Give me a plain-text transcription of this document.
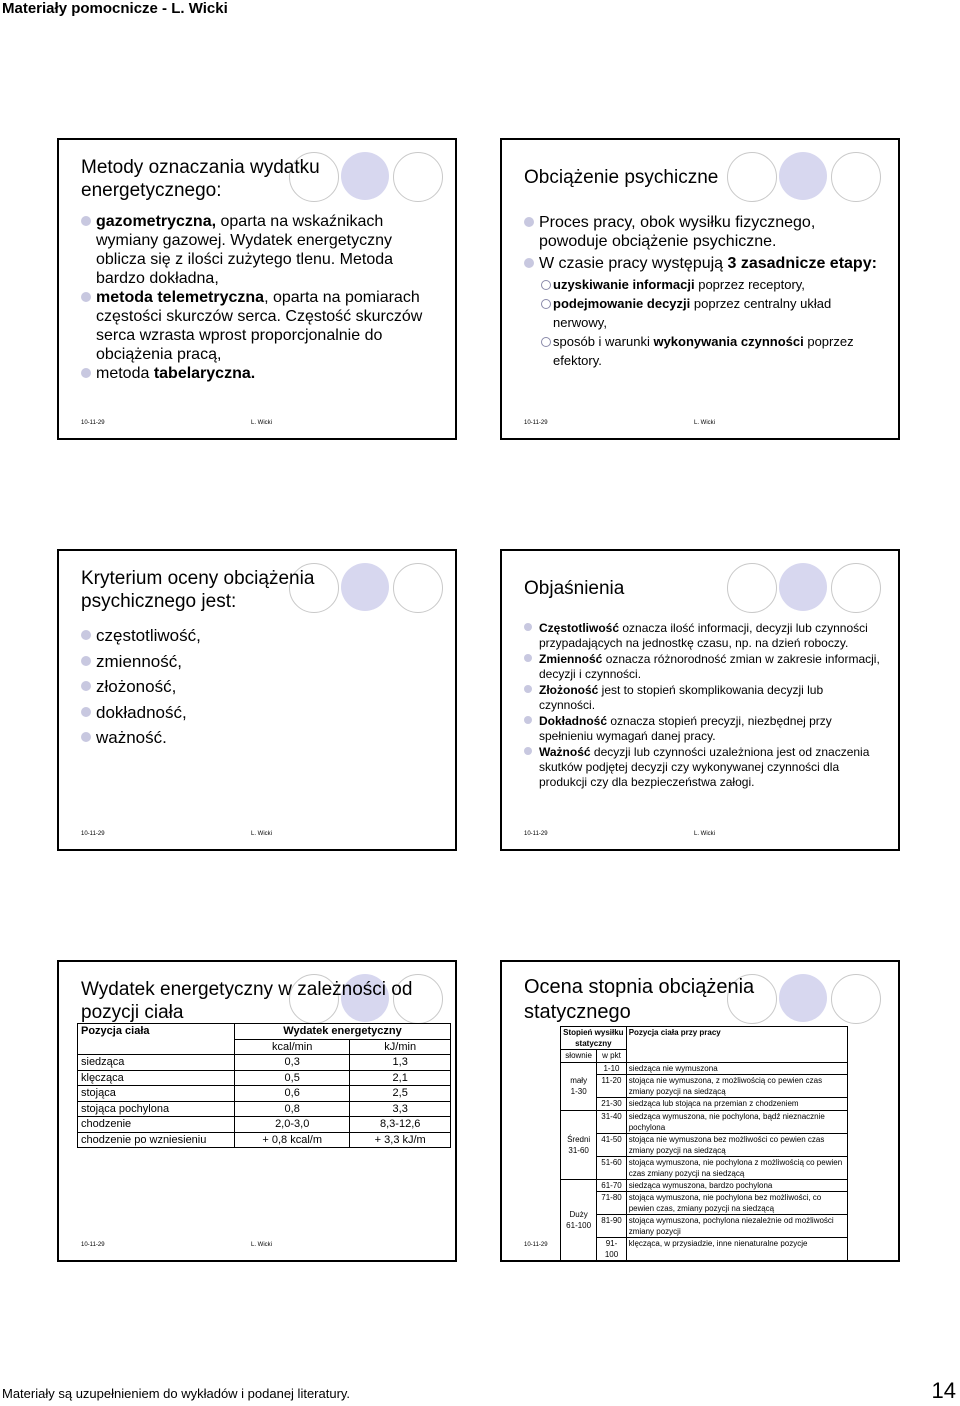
Materiały pomocnicze - L. Wicki
Metody oznaczania wydatku
energetycznego:
gazometryczna, oparta na wskaźnikach wymiany gazowej. Wydatek energetyczny oblicza się z ilości zużytego tlenu. Metoda bardzo dokładna,
metoda telemetryczna, oparta na pomiarach częstości skurczów serca. Częstość skurczów serca wzrasta wprost proporcjonalnie do obciążenia pracą,
metoda tabelaryczna.
10-11-29	L. Wicki
Obciążenie psychiczne
Proces pracy, obok wysiłku fizycznego, powoduje obciążenie psychiczne.
W czasie pracy występują 3 zasadnicze etapy:
uzyskiwanie informacji poprzez receptory,
podejmowanie decyzji poprzez centralny układ nerwowy,
sposób i warunki wykonywania czynności poprzez efektory.
10-11-29	L. Wicki
Kryterium oceny obciążenia
psychicznego jest:
częstotliwość,
zmienność,
złożoność,
dokładność,
ważność.
10-11-29	L. Wicki
Objaśnienia
Częstotliwość oznacza ilość informacji, decyzji lub czynności przypadających na jednostkę czasu, np. na dzień roboczy.
Zmienność oznacza różnorodność zmian w zakresie informacji, decyzji i czynności.
Złożoność jest to stopień skomplikowania decyzji lub czynności.
Dokładność oznacza stopień precyzji, niezbędnej przy spełnieniu wymagań danej pracy.
Ważność decyzji lub czynności uzależniona jest od znaczenia skutków podjętej decyzji czy wykonywanej czynności dla produkcji czy dla bezpieczeństwa załogi.
10-11-29	L. Wicki
Wydatek energetyczny w zależności od
pozycji ciała
Pozycja ciała	Wydatek energetyczny	
	kcal/min	kJ/min
siedząca	0,3	1,3
klęcząca	0,5	2,1
stojąca	0,6	2,5
stojąca pochylona	0,8	3,3
chodzenie	2,0-3,0	8,3-12,6
chodzenie po wzniesieniu	+ 0,8 kcal/m	+ 3,3 kJ/m
10-11-29	L. Wicki
Ocena stopnia obciążenia
statycznego
Stopień wysiłku
statyczny		Pozycja ciała przy pracy
słownie	w pkt	
mały
1-30	1-10	siedząca nie wymuszona
	11-20	stojąca nie wymuszona, z możliwością co pewien czas zmiany pozycji na siedzącą

	21-30	siedząca lub stojąca na przemian z chodzeniem

Średni
31-60	31-40	siedząca wymuszona, nie pochylona, bądź nieznacznie pochylona

	41-50	stojąca nie wymuszona bez możliwości co pewien czas zmiany pozycji na siedzącą

	51-60	stojąca wymuszona, nie pochylona z możliwością co pewien czas zmiany pozycji na siedzącą

Duży
61-100	61-70	siedząca wymuszona, bardzo pochylona
	71-80	stojąca wymuszona, nie pochylona bez możliwości, co pewien czas, zmiany pozycji na siedzącą

	81-90	stojąca wymuszona, pochylona niezależnie od możliwości zmiany pozycji

	91-100	klęcząca, w przysiadzie, inne nienaturalne pozycje
10-11-29
Materiały są uzupełnieniem do wykładów i podanej literatury.	14
